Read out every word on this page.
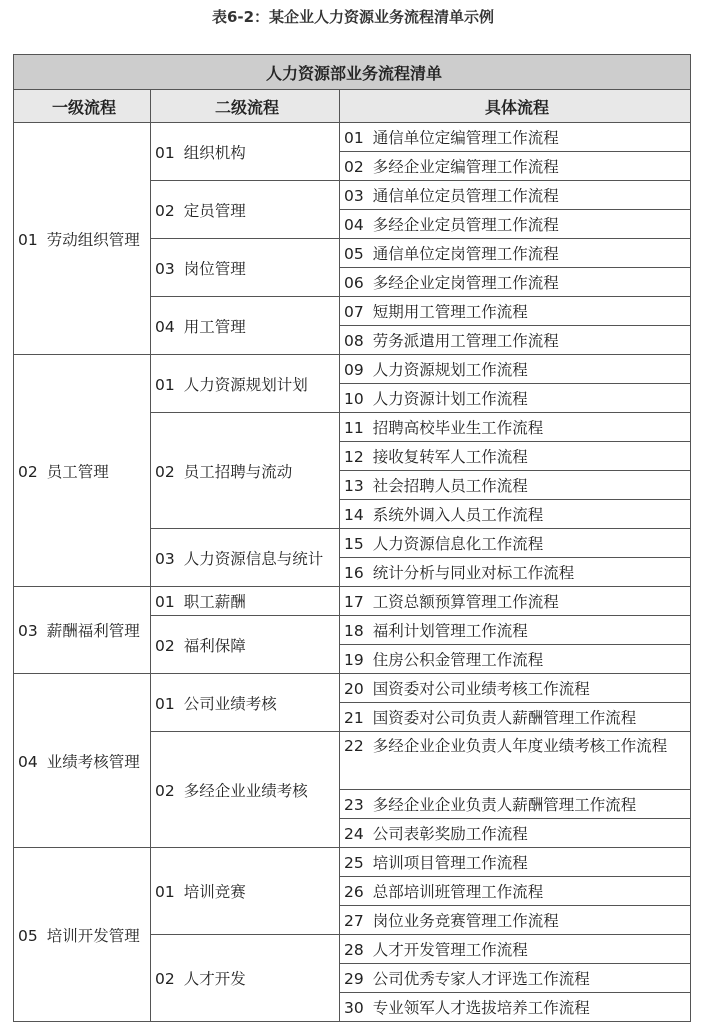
表6-2：某企业人力资源业务流程清单示例
人力资源部业务流程清单		
一级流程	二级流程	具体流程
01 劳动组织管理	01 组织机构	01 通信单位定编管理工作流程
		02 多经企业定编管理工作流程
	02 定员管理	03 通信单位定员管理工作流程
		04 多经企业定员管理工作流程
	03 岗位管理	05 通信单位定岗管理工作流程
		06 多经企业定岗管理工作流程
	04 用工管理	07 短期用工管理工作流程
		08 劳务派遣用工管理工作流程
02 员工管理	01 人力资源规划计划	09 人力资源规划工作流程
		10 人力资源计划工作流程
	02 员工招聘与流动	11 招聘高校毕业生工作流程
		12 接收复转军人工作流程
		13 社会招聘人员工作流程
		14 系统外调入人员工作流程
	03 人力资源信息与统计	15 人力资源信息化工作流程
		16 统计分析与同业对标工作流程
03 薪酬福利管理	01 职工薪酬	17 工资总额预算管理工作流程
	02 福利保障	18 福利计划管理工作流程
		19 住房公积金管理工作流程
04 业绩考核管理	01 公司业绩考核	20 国资委对公司业绩考核工作流程
		21 国资委对公司负责人薪酬管理工作流程
	02 多经企业业绩考核	22 多经企业企业负责人年度业绩考核工作流程
		23 多经企业企业负责人薪酬管理工作流程
		24 公司表彰奖励工作流程
05 培训开发管理	01 培训竞赛	25 培训项目管理工作流程
		26 总部培训班管理工作流程
		27 岗位业务竞赛管理工作流程
	02 人才开发	28 人才开发管理工作流程
		29 公司优秀专家人才评选工作流程
		30 专业领军人才选拔培养工作流程
